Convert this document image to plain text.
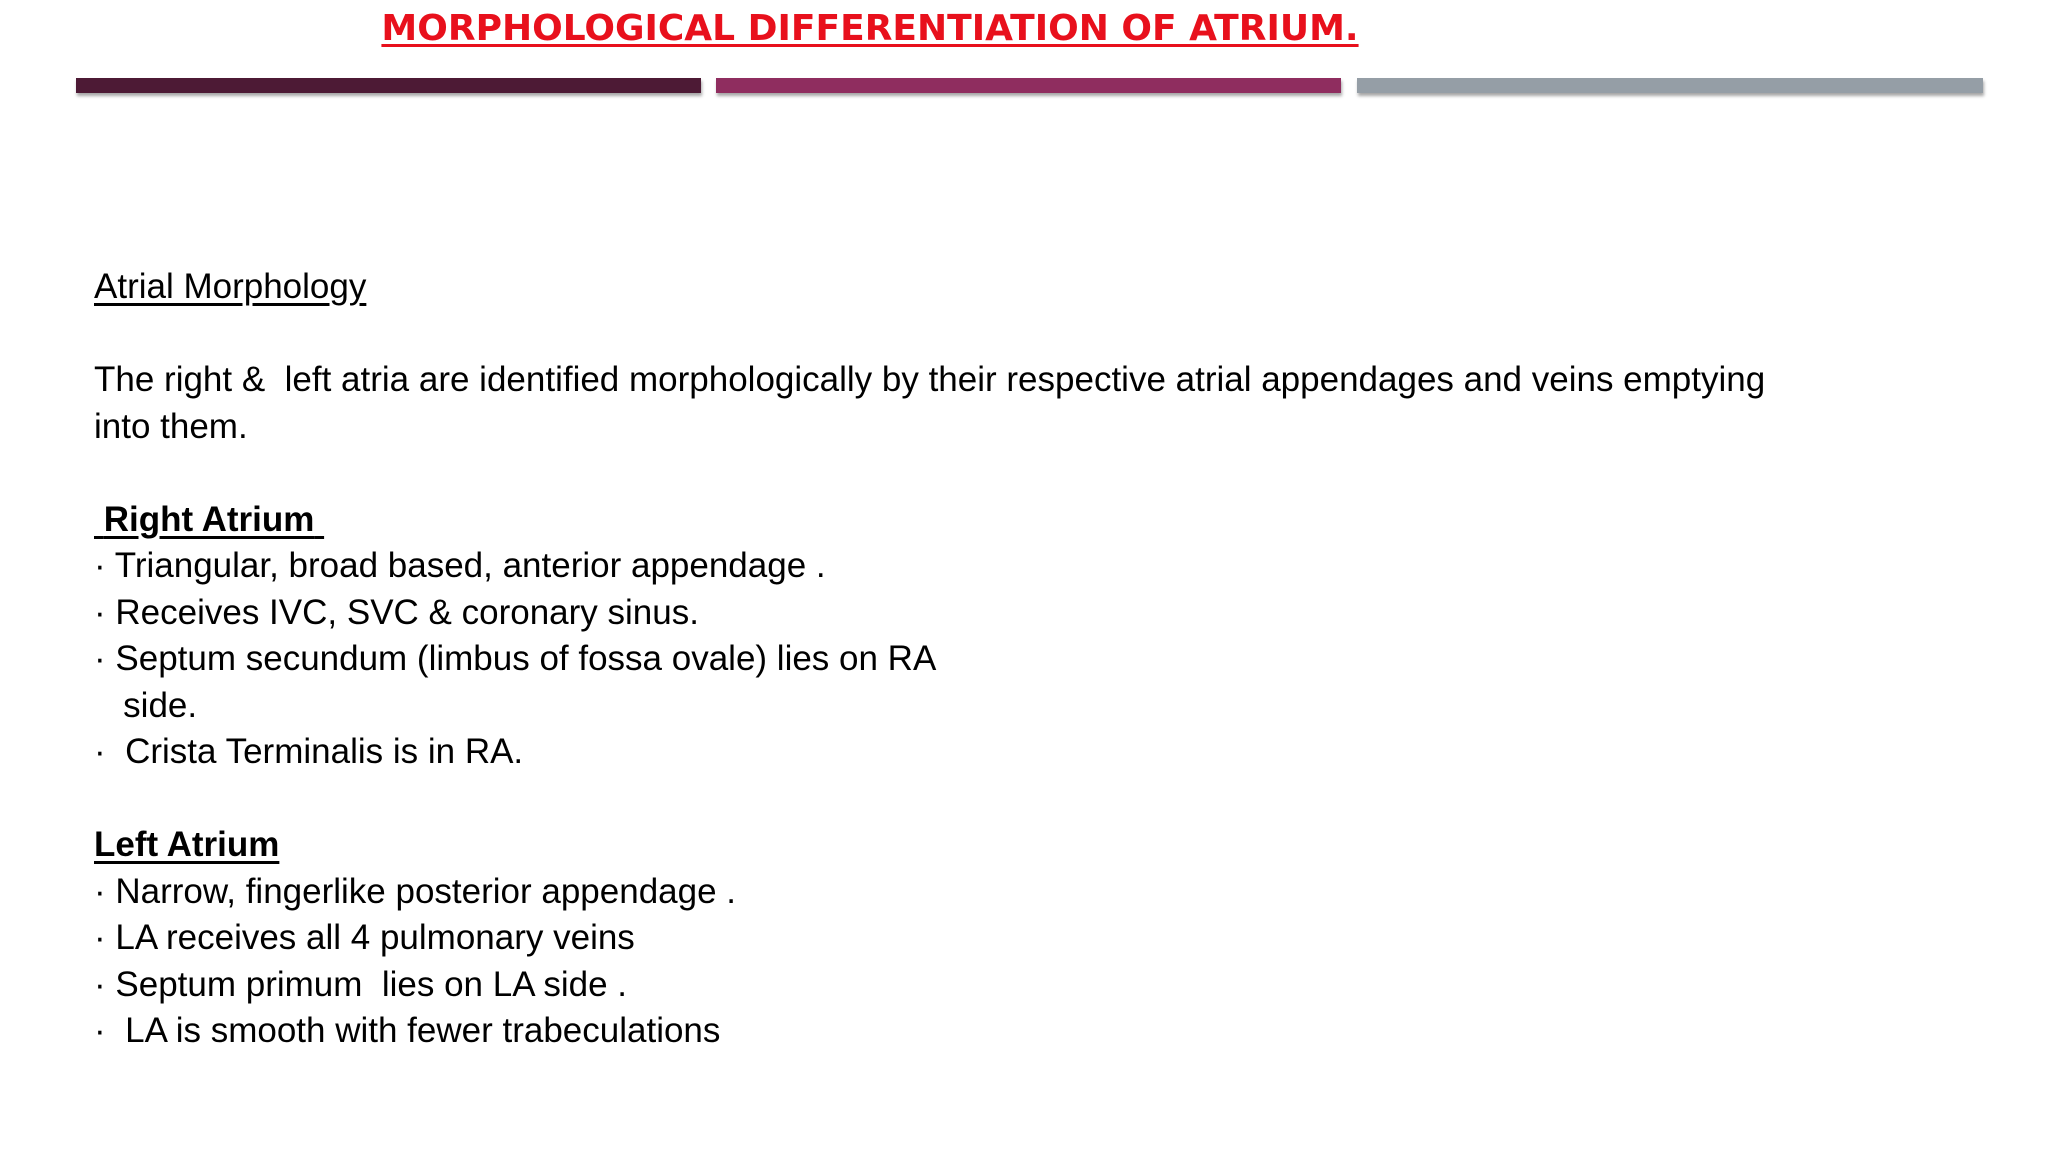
MORPHOLOGICAL DIFFERENTIATION OF ATRIUM.
Atrial Morphology
The right &  left atria are identified morphologically by their respective atrial appendages and veins emptying
into them.
Right Atrium
· Triangular, broad based, anterior appendage .
· Receives IVC, SVC & coronary sinus.
· Septum secundum (limbus of fossa ovale) lies on RA
side.
·  Crista Terminalis is in RA.
Left Atrium
· Narrow, fingerlike posterior appendage .
· LA receives all 4 pulmonary veins
· Septum primum  lies on LA side .
·  LA is smooth with fewer trabeculations
